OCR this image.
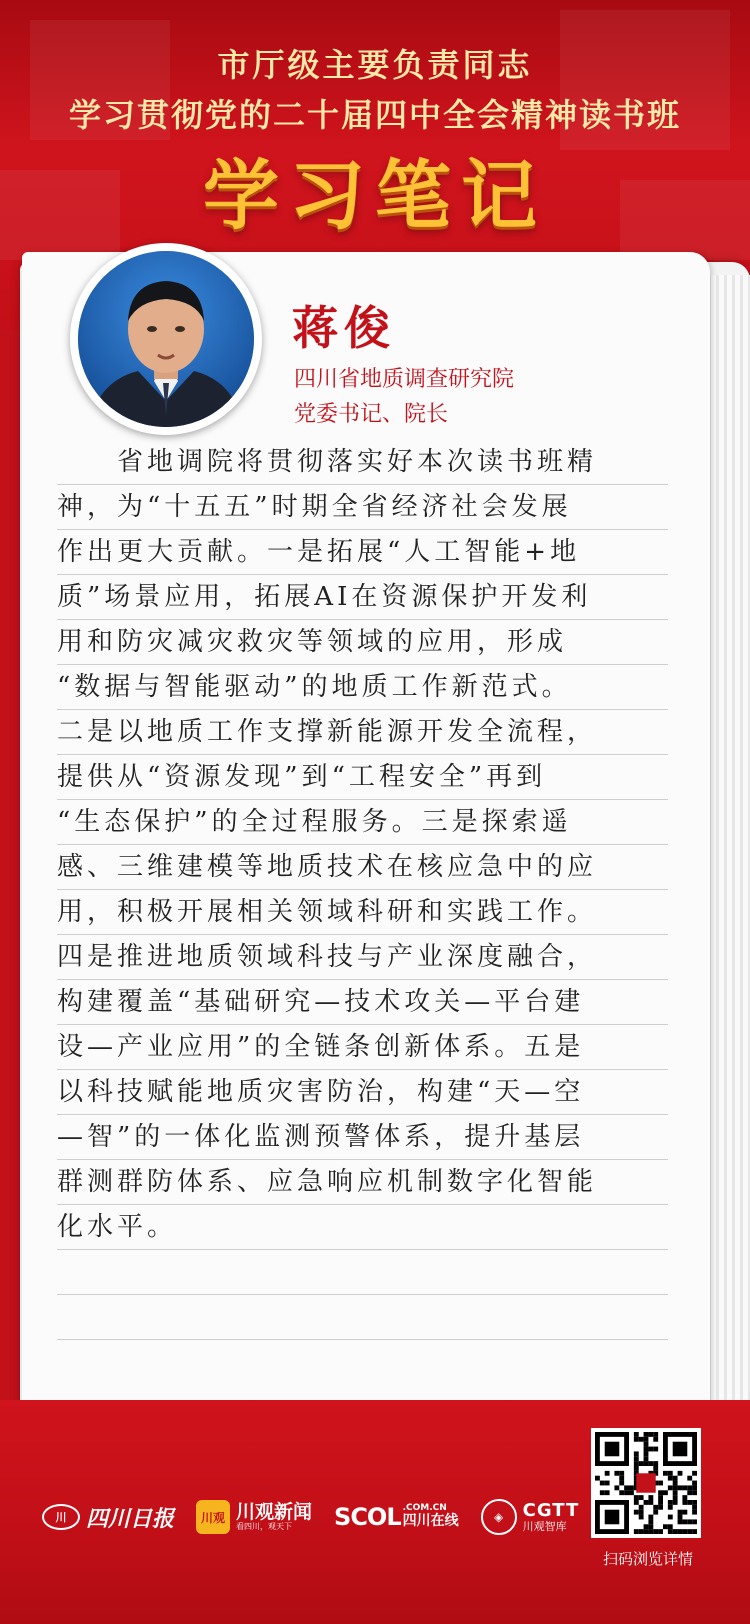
市厅级主要负责同志
学习贯彻党的二十届四中全会精神读书班
学习笔记
蒋俊
四川省地质调查研究院
党委书记、院长
　　省地调院将贯彻落实好本次读书班精
神，为“十五五”时期全省经济社会发展
作出更大贡献。一是拓展“人工智能+地
质”场景应用，拓展AI在资源保护开发利
用和防灾减灾救灾等领域的应用，形成
“数据与智能驱动”的地质工作新范式。
二是以地质工作支撑新能源开发全流程，
提供从“资源发现”到“工程安全”再到
“生态保护”的全过程服务。三是探索遥
感、三维建模等地质技术在核应急中的应
用，积极开展相关领域科研和实践工作。
四是推进地质领域科技与产业深度融合，
构建覆盖“基础研究—技术攻关—平台建
设—产业应用”的全链条创新体系。五是
以科技赋能地质灾害防治，构建“天—空
—智”的一体化监测预警体系，提升基层
群测群防体系、应急响应机制数字化智能
化水平。
川 四川日报	川观 川观新闻
看四川，观天下	SCOL .COM.CN
四川在线	◈	CGTT
川观智库
扫码浏览详情
